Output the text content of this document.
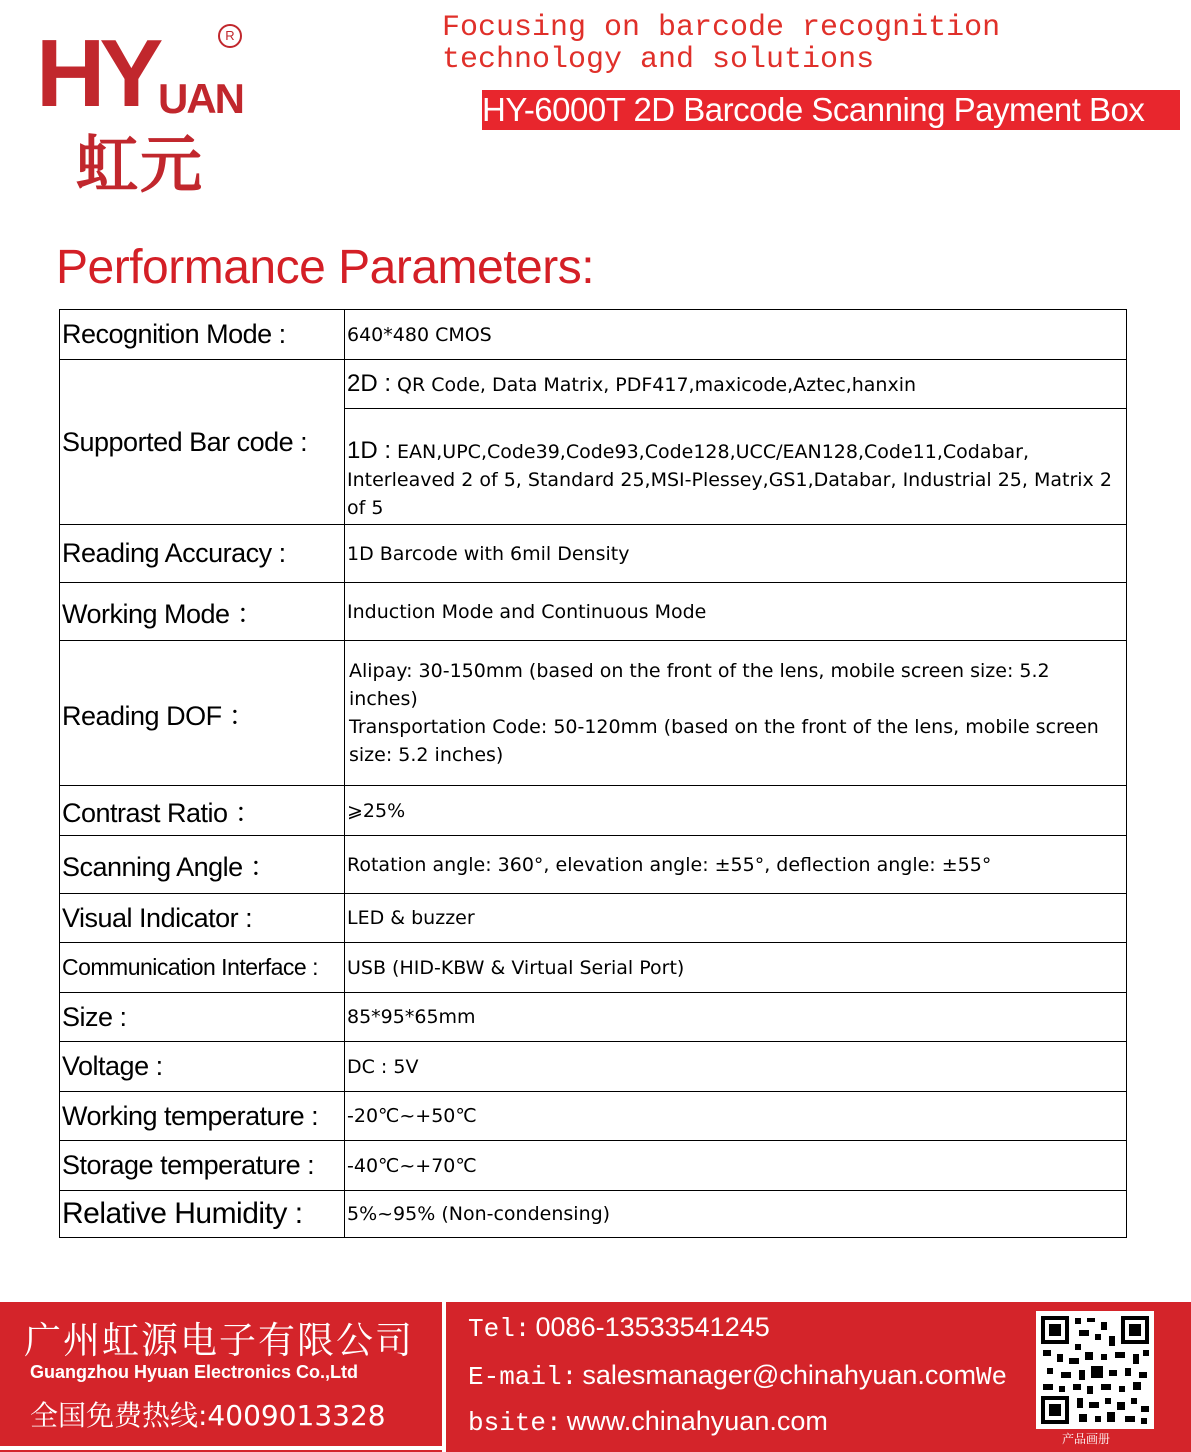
HY UAN
R
虹元
Focusing on barcode recognition technology and solutions
HY-6000T 2D Barcode Scanning Payment Box
Performance Parameters:
Recognition Mode :	640*480 CMOS
Supported Bar code :	2D : QR Code, Data Matrix, PDF417,maxicode,Aztec,hanxin
	1D : EAN,UPC,Code39,Code93,Code128,UCC/EAN128,Code11,Codabar, Interleaved 2 of 5, Standard 25,MSI-Plessey,GS1,Databar, Industrial 25, Matrix 2 of 5
Reading Accuracy :	1D Barcode with 6mil Density
Working Mode ：	Induction Mode and Continuous Mode
Reading DOF ：	Alipay: 30-150mm (based on the front of the lens, mobile screen size: 5.2 inches)
Transportation Code: 50-120mm (based on the front of the lens, mobile screen size: 5.2 inches)

Contrast Ratio ：	⩾25%
Scanning Angle ：	Rotation angle: 360°, elevation angle: ±55°, deflection angle: ±55°
Visual Indicator :	LED & buzzer
Communication Interface :	USB (HID-KBW & Virtual Serial Port)
Size :	85*95*65mm
Voltage :	DC : 5V
Working temperature :	-20℃~+50℃
Storage temperature :	-40℃~+70℃
Relative Humidity :	5%~95% (Non-condensing)
广州虹源电子有限公司
Guangzhou Hyuan Electronics Co.,Ltd
全国免费热线:4009013328
Tel: 0086-13533541245
E-mail: salesmanager@chinahyuan.comWe
bsite: www.chinahyuan.com
产品画册
